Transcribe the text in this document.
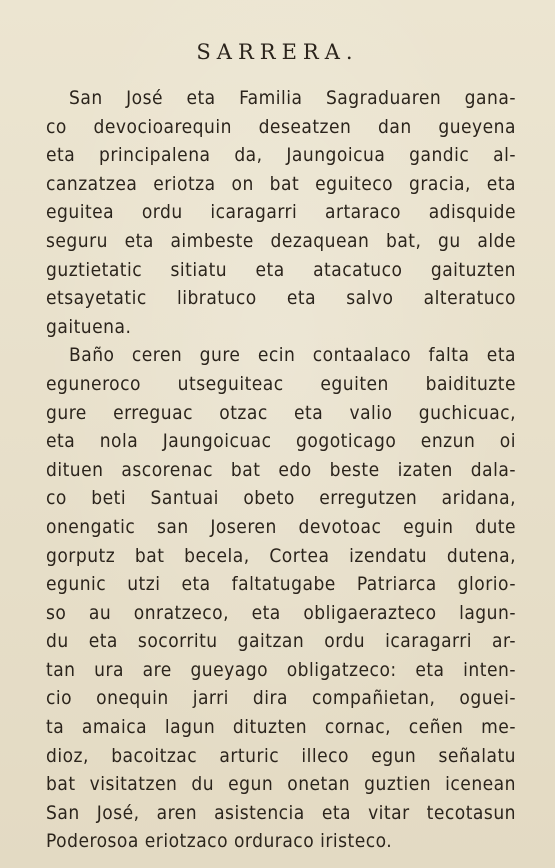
SARRERA.
San José eta Familia Sagraduaren gana-
co devocioarequin deseatzen dan gueyena
eta principalena da, Jaungoicua gandic al-
canzatzea eriotza on bat eguiteco gracia, eta
eguitea ordu icaragarri artaraco adisquide
seguru eta aimbeste dezaquean bat, gu alde
guztietatic sitiatu eta atacatuco gaituzten
etsayetatic libratuco eta salvo alteratuco
gaituena.
Baño ceren gure ecin contaalaco falta eta
eguneroco utseguiteac eguiten baidituzte
gure erreguac otzac eta valio guchicuac,
eta nola Jaungoicuac gogoticago enzun oi
dituen ascorenac bat edo beste izaten dala-
co beti Santuai obeto erregutzen aridana,
onengatic san Joseren devotoac eguin dute
gorputz bat becela, Cortea izendatu dutena,
egunic utzi eta faltatugabe Patriarca glorio-
so au onratzeco, eta obligaerazteco lagun-
du eta socorritu gaitzan ordu icaragarri ar-
tan ura are gueyago obligatzeco: eta inten-
cio onequin jarri dira compañietan, oguei-
ta amaica lagun dituzten cornac, ceñen me-
dioz, bacoitzac arturic illeco egun señalatu
bat visitatzen du egun onetan guztien icenean
San José, aren asistencia eta vitar tecotasun
Poderosoa eriotzaco orduraco iristeco.
